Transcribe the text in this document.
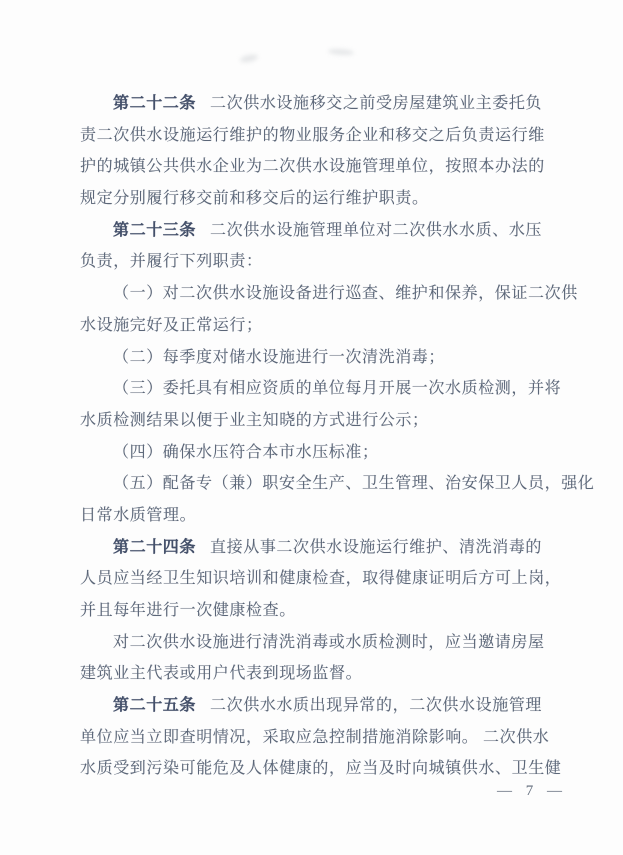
第二十二条 二次供水设施移交之前受房屋建筑业主委托负
责二次供水设施运行维护的物业服务企业和移交之后负责运行维
护的城镇公共供水企业为二次供水设施管理单位，按照本办法的
规定分别履行移交前和移交后的运行维护职责。
第二十三条 二次供水设施管理单位对二次供水水质、水压
负责，并履行下列职责：
（一）对二次供水设施设备进行巡查、维护和保养，保证二次供
水设施完好及正常运行；
（二）每季度对储水设施进行一次清洗消毒；
（三）委托具有相应资质的单位每月开展一次水质检测，并将
水质检测结果以便于业主知晓的方式进行公示；
（四）确保水压符合本市水压标准；
（五）配备专（兼）职安全生产、卫生管理、治安保卫人员，强化
日常水质管理。
第二十四条 直接从事二次供水设施运行维护、清洗消毒的
人员应当经卫生知识培训和健康检查，取得健康证明后方可上岗，
并且每年进行一次健康检查。
对二次供水设施进行清洗消毒或水质检测时，应当邀请房屋
建筑业主代表或用户代表到现场监督。
第二十五条 二次供水水质出现异常的，二次供水设施管理
单位应当立即查明情况，采取应急控制措施消除影响。 二次供水
水质受到污染可能危及人体健康的，应当及时向城镇供水、卫生健
— 7 —
